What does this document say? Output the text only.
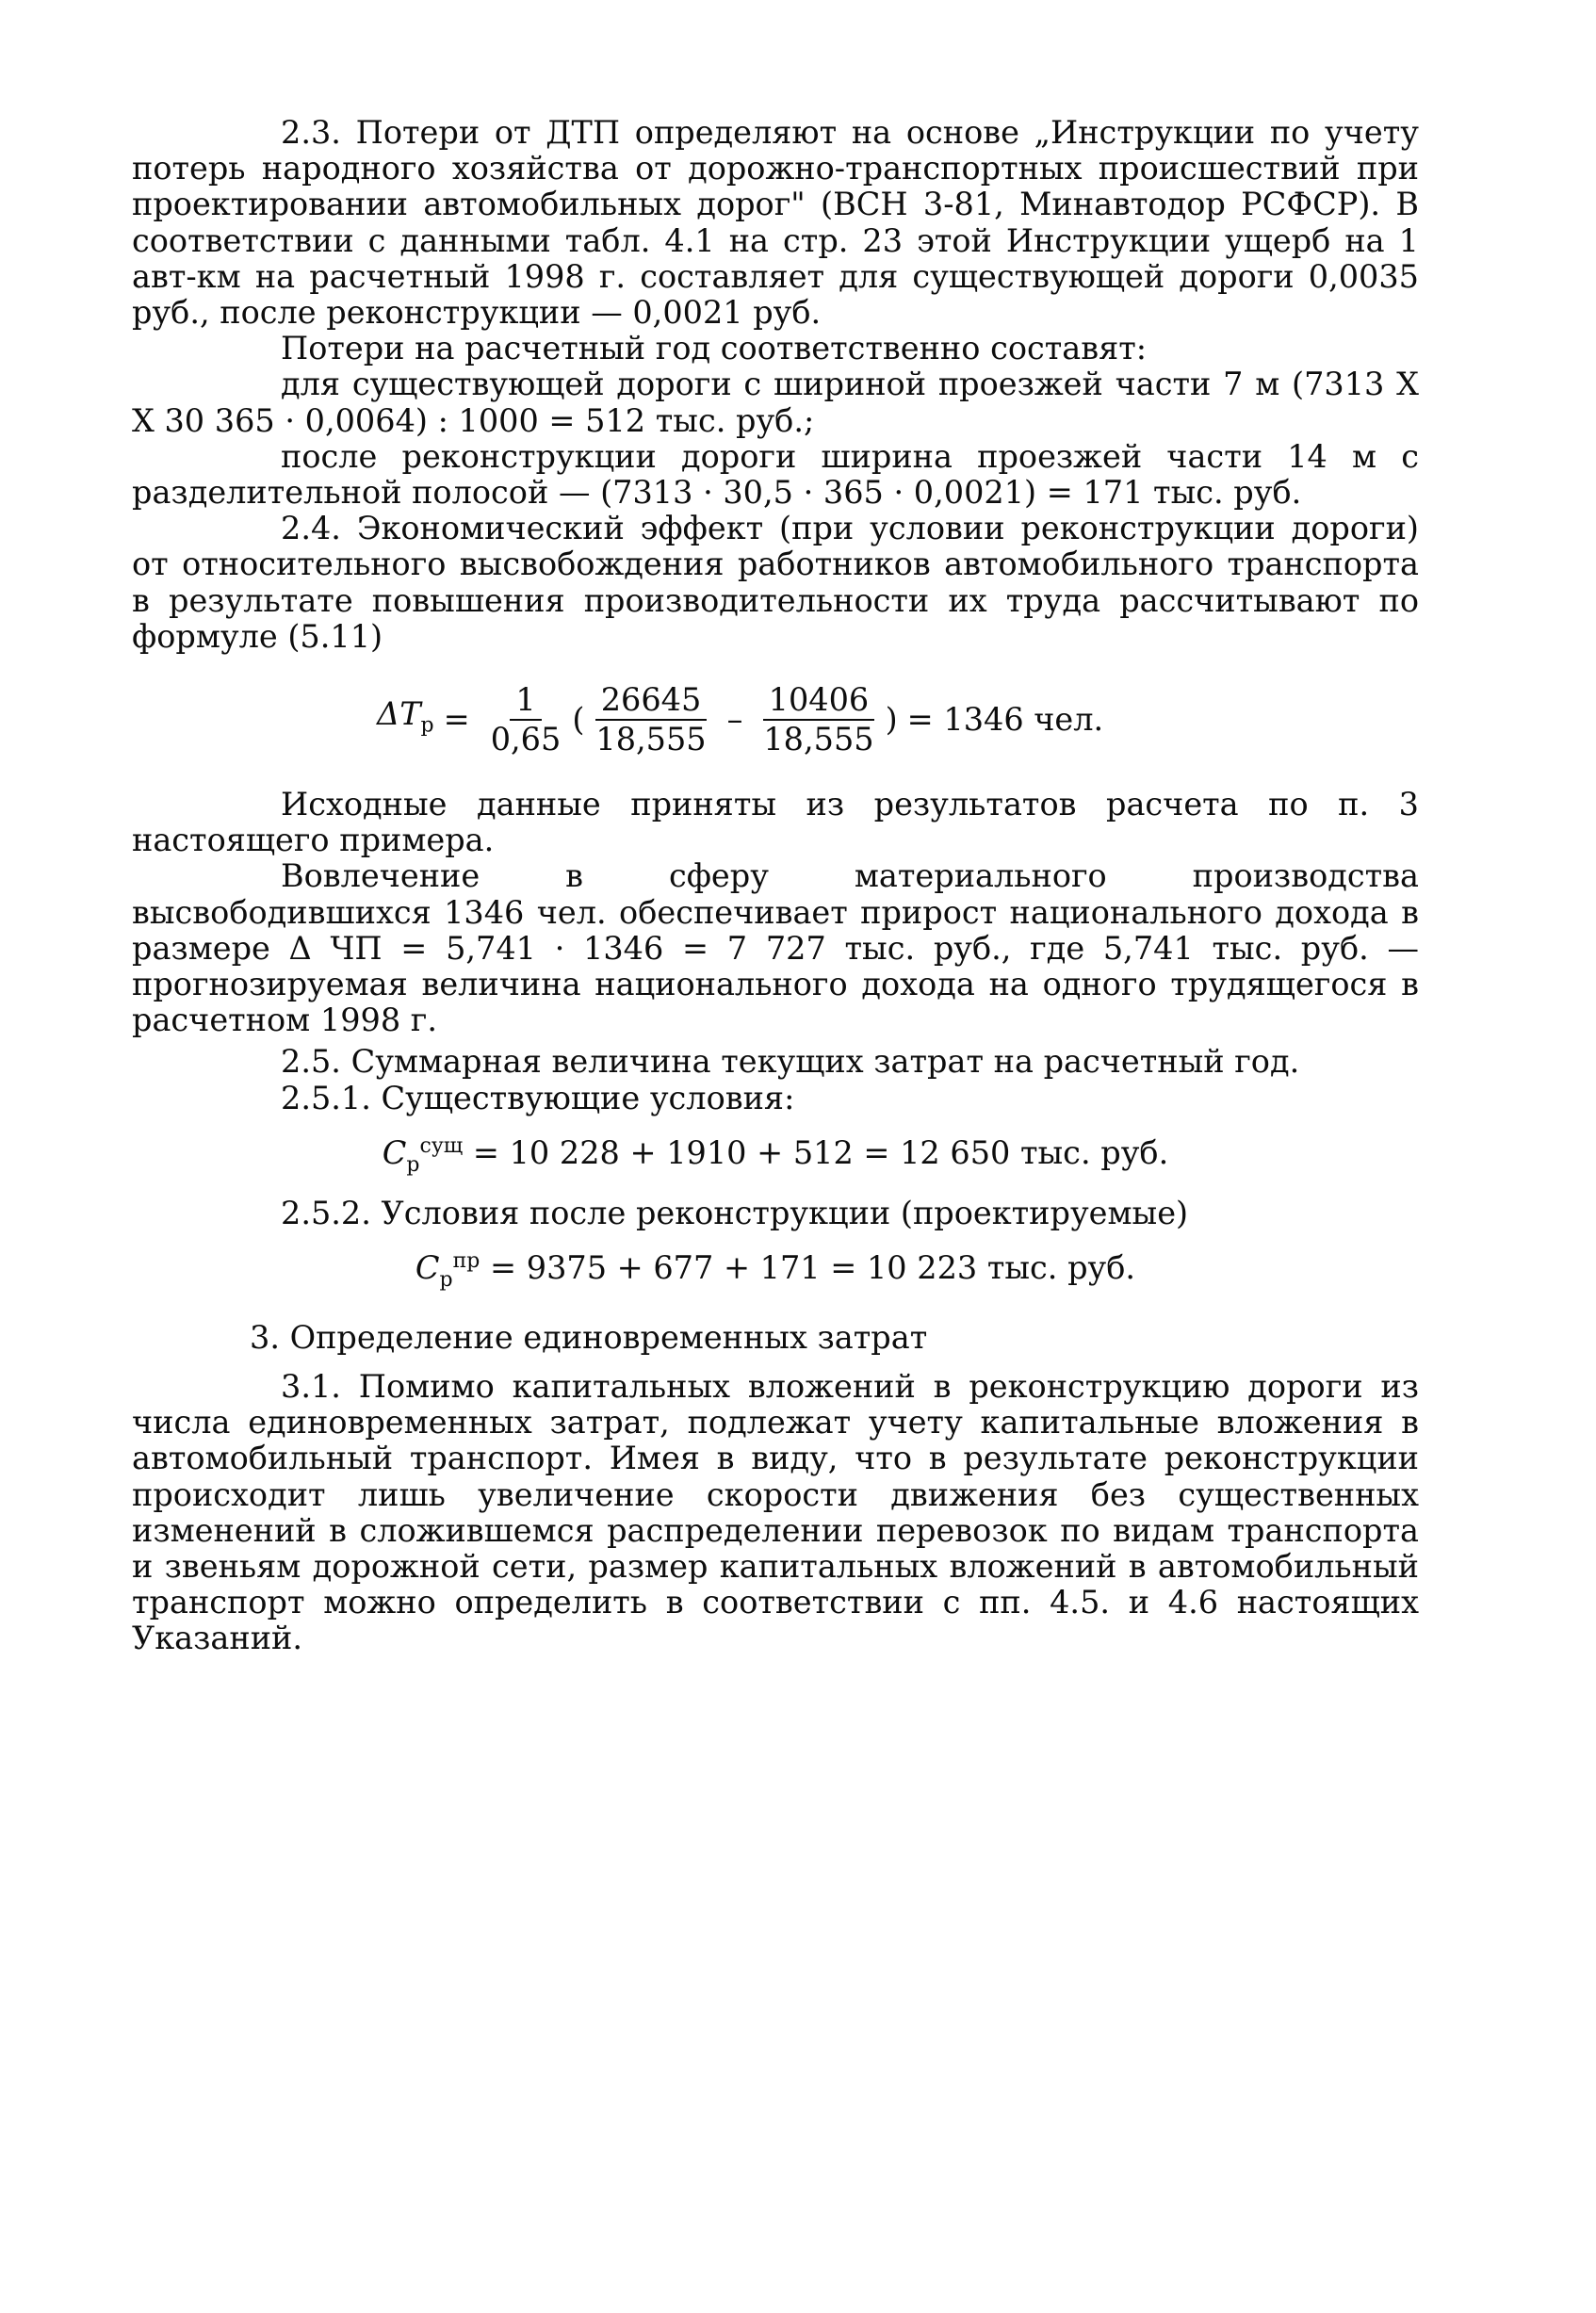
2.3. Потери от ДТП определяют на основе „Инструкции по учету потерь народного хозяйства от дорожно-транспортных происшествий при проектировании автомобильных дорог" (ВСН 3-81, Минавтодор РСФСР). В соответствии с данными табл. 4.1 на стр. 23 этой Инструкции ущерб на 1 авт-км на расчетный 1998 г. составляет для существующей дороги 0,0035 руб., после реконструкции — 0,0021 руб.

Потери на расчетный год соответственно составят:

для существующей дороги с шириной проезжей части 7 м (7313 X X 30 365 · 0,0064) : 1000 = 512 тыс. руб.;

после реконструкции дороги ширина проезжей части 14 м с разделительной полосой — (7313 · 30,5 · 365 · 0,0021) = 171 тыс. руб.

2.4. Экономический эффект (при условии реконструкции дороги) от относительного высвобождения работников автомобильного транспорта в результате повышения производительности их труда рассчитывают по формуле (5.11)

$\Delta T_р = \frac{1}{0,65}$ ( $\frac{26645}{18,555} - \frac{10406}{18,555}$ ) = 1346 чел.

Исходные данные приняты из результатов расчета по п. 3 настоящего примера.

Вовлечение в сферу материального производства высвободившихся 1346 чел. обеспечивает прирост национального дохода в размере Δ ЧП = 5,741 · 1346 = 7 727 тыс. руб., где 5,741 тыс. руб. — прогнозируемая величина национального дохода на одного трудящегося в расчетном 1998 г.

2.5. Суммарная величина текущих затрат на расчетный год.

2.5.1. Существующие условия:

$C_р^{сущ} = 10$ 228 + 1910 + 512 = 12 650 тыс. руб.

2.5.2. Условия после реконструкции (проектируемые)

$C_р^{пр} = 9375 + 677 + 171 = 10$ 223 тыс. руб.

3. Определение единовременных затрат

3.1. Помимо капитальных вложений в реконструкцию дороги из числа единовременных затрат, подлежат учету капитальные вложения в автомобильный транспорт. Имея в виду, что в результате реконструкции происходит лишь увеличение скорости движения без существенных изменений в сложившемся распределении перевозок по видам транспорта и звеньям дорожной сети, размер капитальных вложений в автомобильный транспорт можно определить в соответствии с пп. 4.5. и 4.6 настоящих Указаний.
